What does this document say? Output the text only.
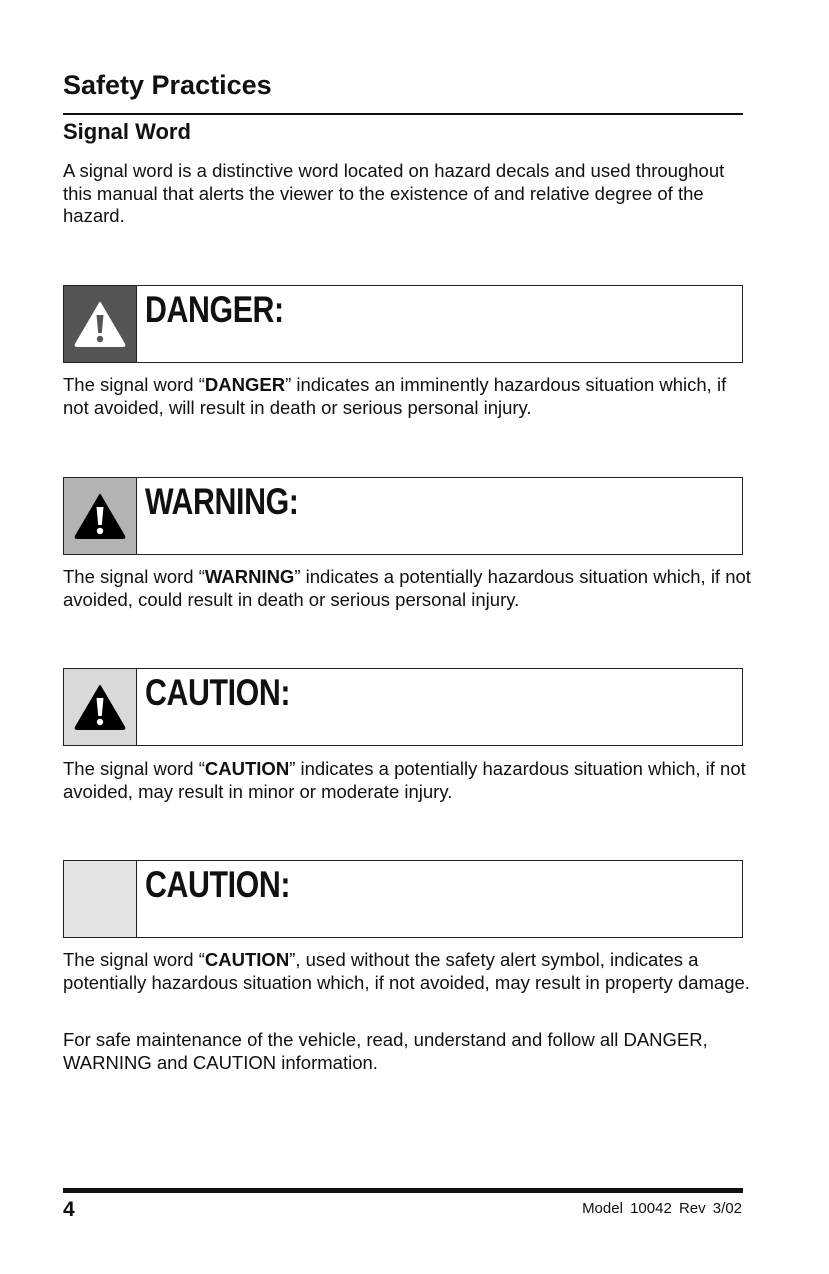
Safety Practices
Signal Word

A signal word is a distinctive word located on hazard decals and used throughout this manual that alerts the viewer to the existence of and relative degree of the hazard.

DANGER:

The signal word “DANGER” indicates an imminently hazardous situation which, if not avoided, will result in death or serious personal injury.

WARNING:

The signal word “WARNING” indicates a potentially hazardous situation which, if not avoided, could result in death or serious personal injury.

CAUTION:

The signal word “CAUTION” indicates a potentially hazardous situation which, if not avoided, may result in minor or moderate injury.

CAUTION:

The signal word “CAUTION”, used without the safety alert symbol, indicates a potentially hazardous situation which, if not avoided, may result in property damage.

For safe maintenance of the vehicle, read, understand and follow all DANGER, WARNING and CAUTION information.

4	Model 10042 Rev 3/02
